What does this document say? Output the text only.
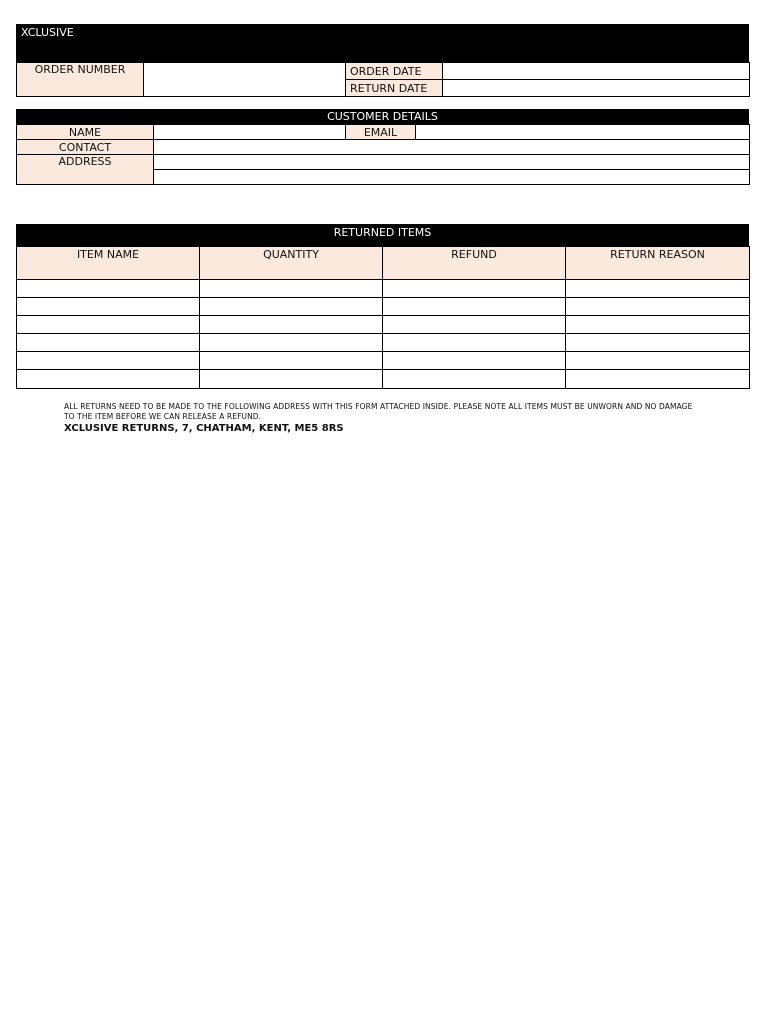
XCLUSIVE
ORDER NUMBER		ORDER DATE	
		RETURN DATE	
CUSTOMER DETAILS
NAME		EMAIL	
CONTACT			
ADDRESS			

RETURNED ITEMS
ITEM NAME	QUANTITY	REFUND	RETURN REASON

ALL RETURNS NEED TO BE MADE TO THE FOLLOWING ADDRESS WITH THIS FORM ATTACHED INSIDE. PLEASE NOTE ALL ITEMS MUST BE UNWORN AND NO DAMAGE TO THE ITEM BEFORE WE CAN RELEASE A REFUND.
XCLUSIVE RETURNS, 7, CHATHAM, KENT, ME5 8RS
